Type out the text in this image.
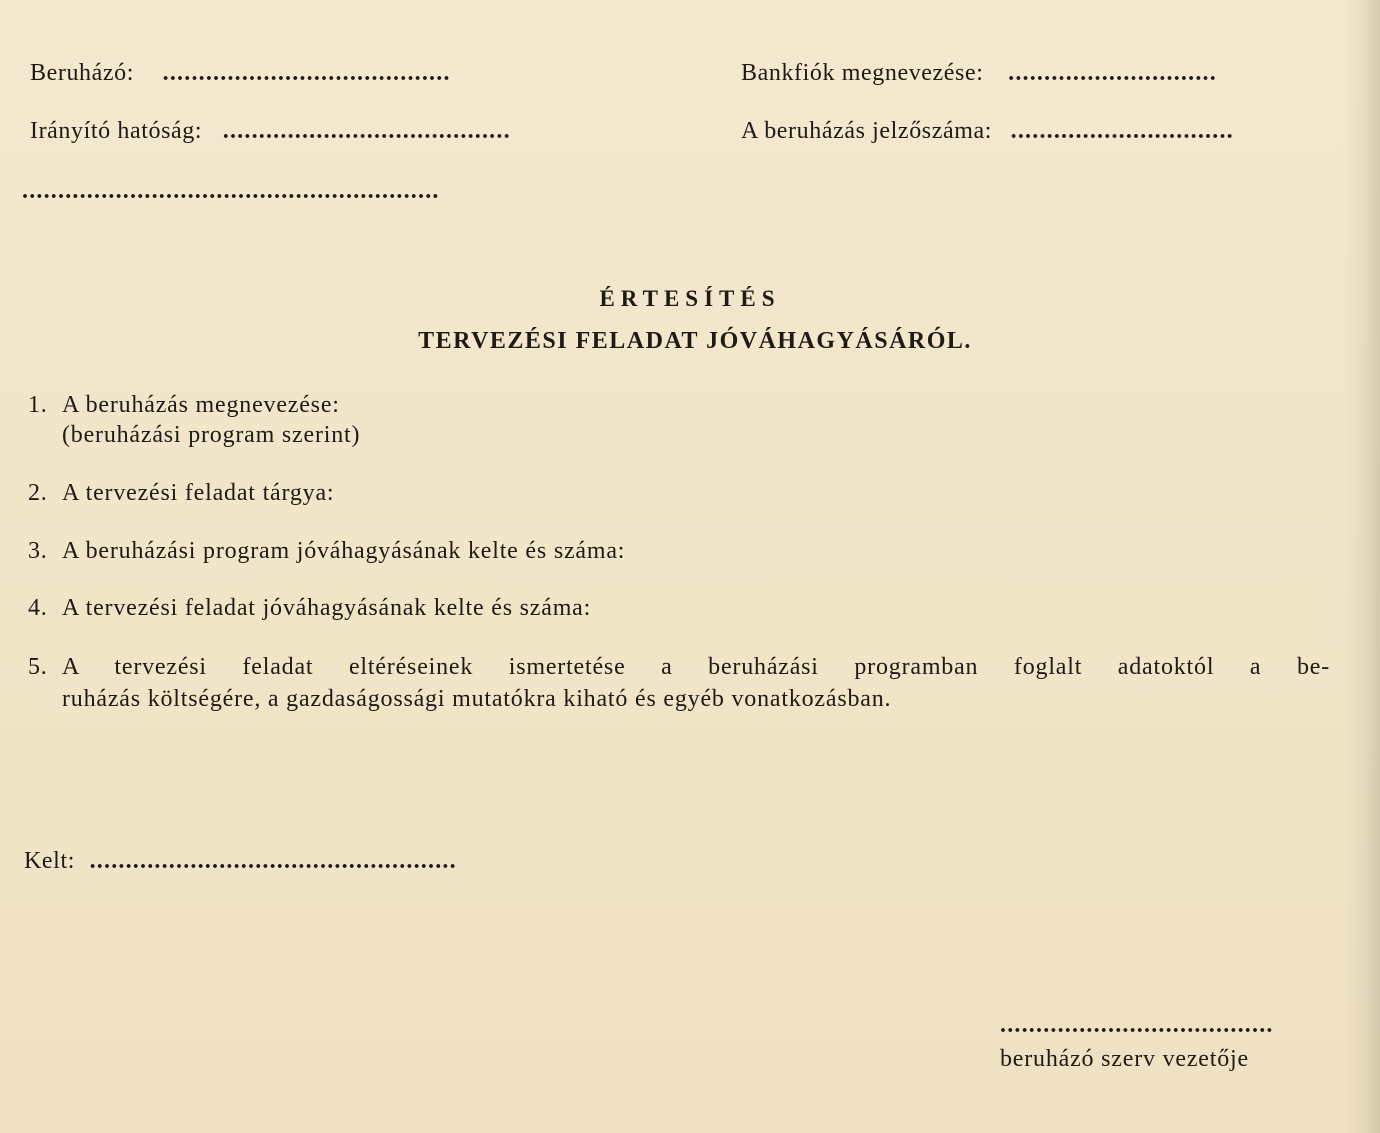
Beruházó: ........................................
Irányító hatóság: ........................................
..........................................................
Bankfiók megnevezése: .............................
A beruházás jelzőszáma: ...............................
ÉRTESÍTÉS
TERVEZÉSI FELADAT JÓVÁHAGYÁSÁRÓL.
1. A beruházás megnevezése:
(beruházási program szerint)
2. A tervezési feladat tárgya:
3. A beruházási program jóváhagyásának kelte és száma:
4. A tervezési feladat jóváhagyásának kelte és száma:
5. A tervezési feladat eltéréseinek ismertetése a beruházási programban foglalt adatoktól a be-
ruházás költségére, a gazdaságossági mutatókra kiható és egyéb vonatkozásban.
Kelt: ...................................................
......................................
beruházó szerv vezetője
